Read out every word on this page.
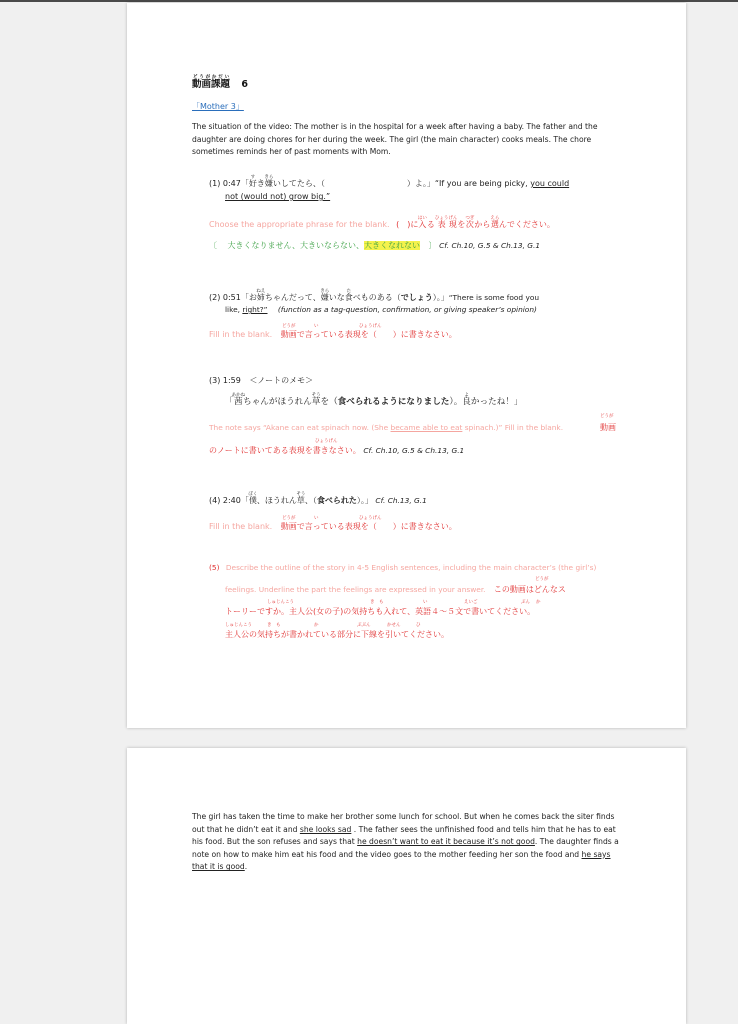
動画課題どうがかだい 6
「Mother 3」
The situation of the video: The mother is in the hospital for a week after having a baby. The father and the daughter are doing chores for her during the week. The girl (the main character) cooks meals. The chore sometimes reminds her of past moments with Mom.
(1) 0:47「好すき嫌きらいしてたら、（	）よ。」“If you are being picky, you could
not (would not) grow big.”
Choose the appropriate phrase for the blank. (　)に入はいる表ひょう現げんを次つぎから選えらんでください。
〔 大きくなりません、大きいならない、大きくなれない 〕 Cf. Ch.10, G.5 & Ch.13, G.1
(2) 0:51「お姉ねえちゃんだって、嫌きらいな食たべものある（でしょう）。」“There is some food you
like, right?” (function as a tag-question, confirmation, or giving speaker’s opinion)
Fill in the blank. 動画で言っている表現を（　　）に書きなさい。
どうが	い	ひょうげん
(3) 1:59 ＜ノートのメモ＞
「茜あかねちゃんがほうれん草そうを（食べられるようになりました）。良よかったね！」
The note says “Akane can eat spinach now. (She became able to eat spinach.)” Fill in the blank.
どうが
動画
のノートに書いてある表現を書きなさい。 Cf. Ch.10, G.5 & Ch.13, G.1
ひょうげん
(4) 2:40「僕ぼく、ほうれん草そう、（食べられた）。」 Cf. Ch.13, G.1
Fill in the blank. 動画で言っている表現を（　　）に書きなさい。
どうが	い	ひょうげん
(5) Describe the outline of the story in 4-5 English sentences, including the main character’s (the girl’s)
feelings. Underline the part the feelings are expressed in your answer. この動画はどんなス
どうが
トーリーですか。主人公(女の子)の気持ちも入れて、英語４～５文で書いてください。
しゅじんこう	き　も	い	えいご	ぶん か
主人公の気持ちが書かれている部分に下線を引いてください。
しゅじんこう	き　も	か	ぶぶん	かせん	ひ
The girl has taken the time to make her brother some lunch for school. But when he comes back the siter finds out that he didn’t eat it and she looks sad . The father sees the unfinished food and tells him that he has to eat his food. But the son refuses and says that he doesn’t want to eat it because it’s not good. The daughter finds a note on how to make him eat his food and the video goes to the mother feeding her son the food and he says that it is good.
